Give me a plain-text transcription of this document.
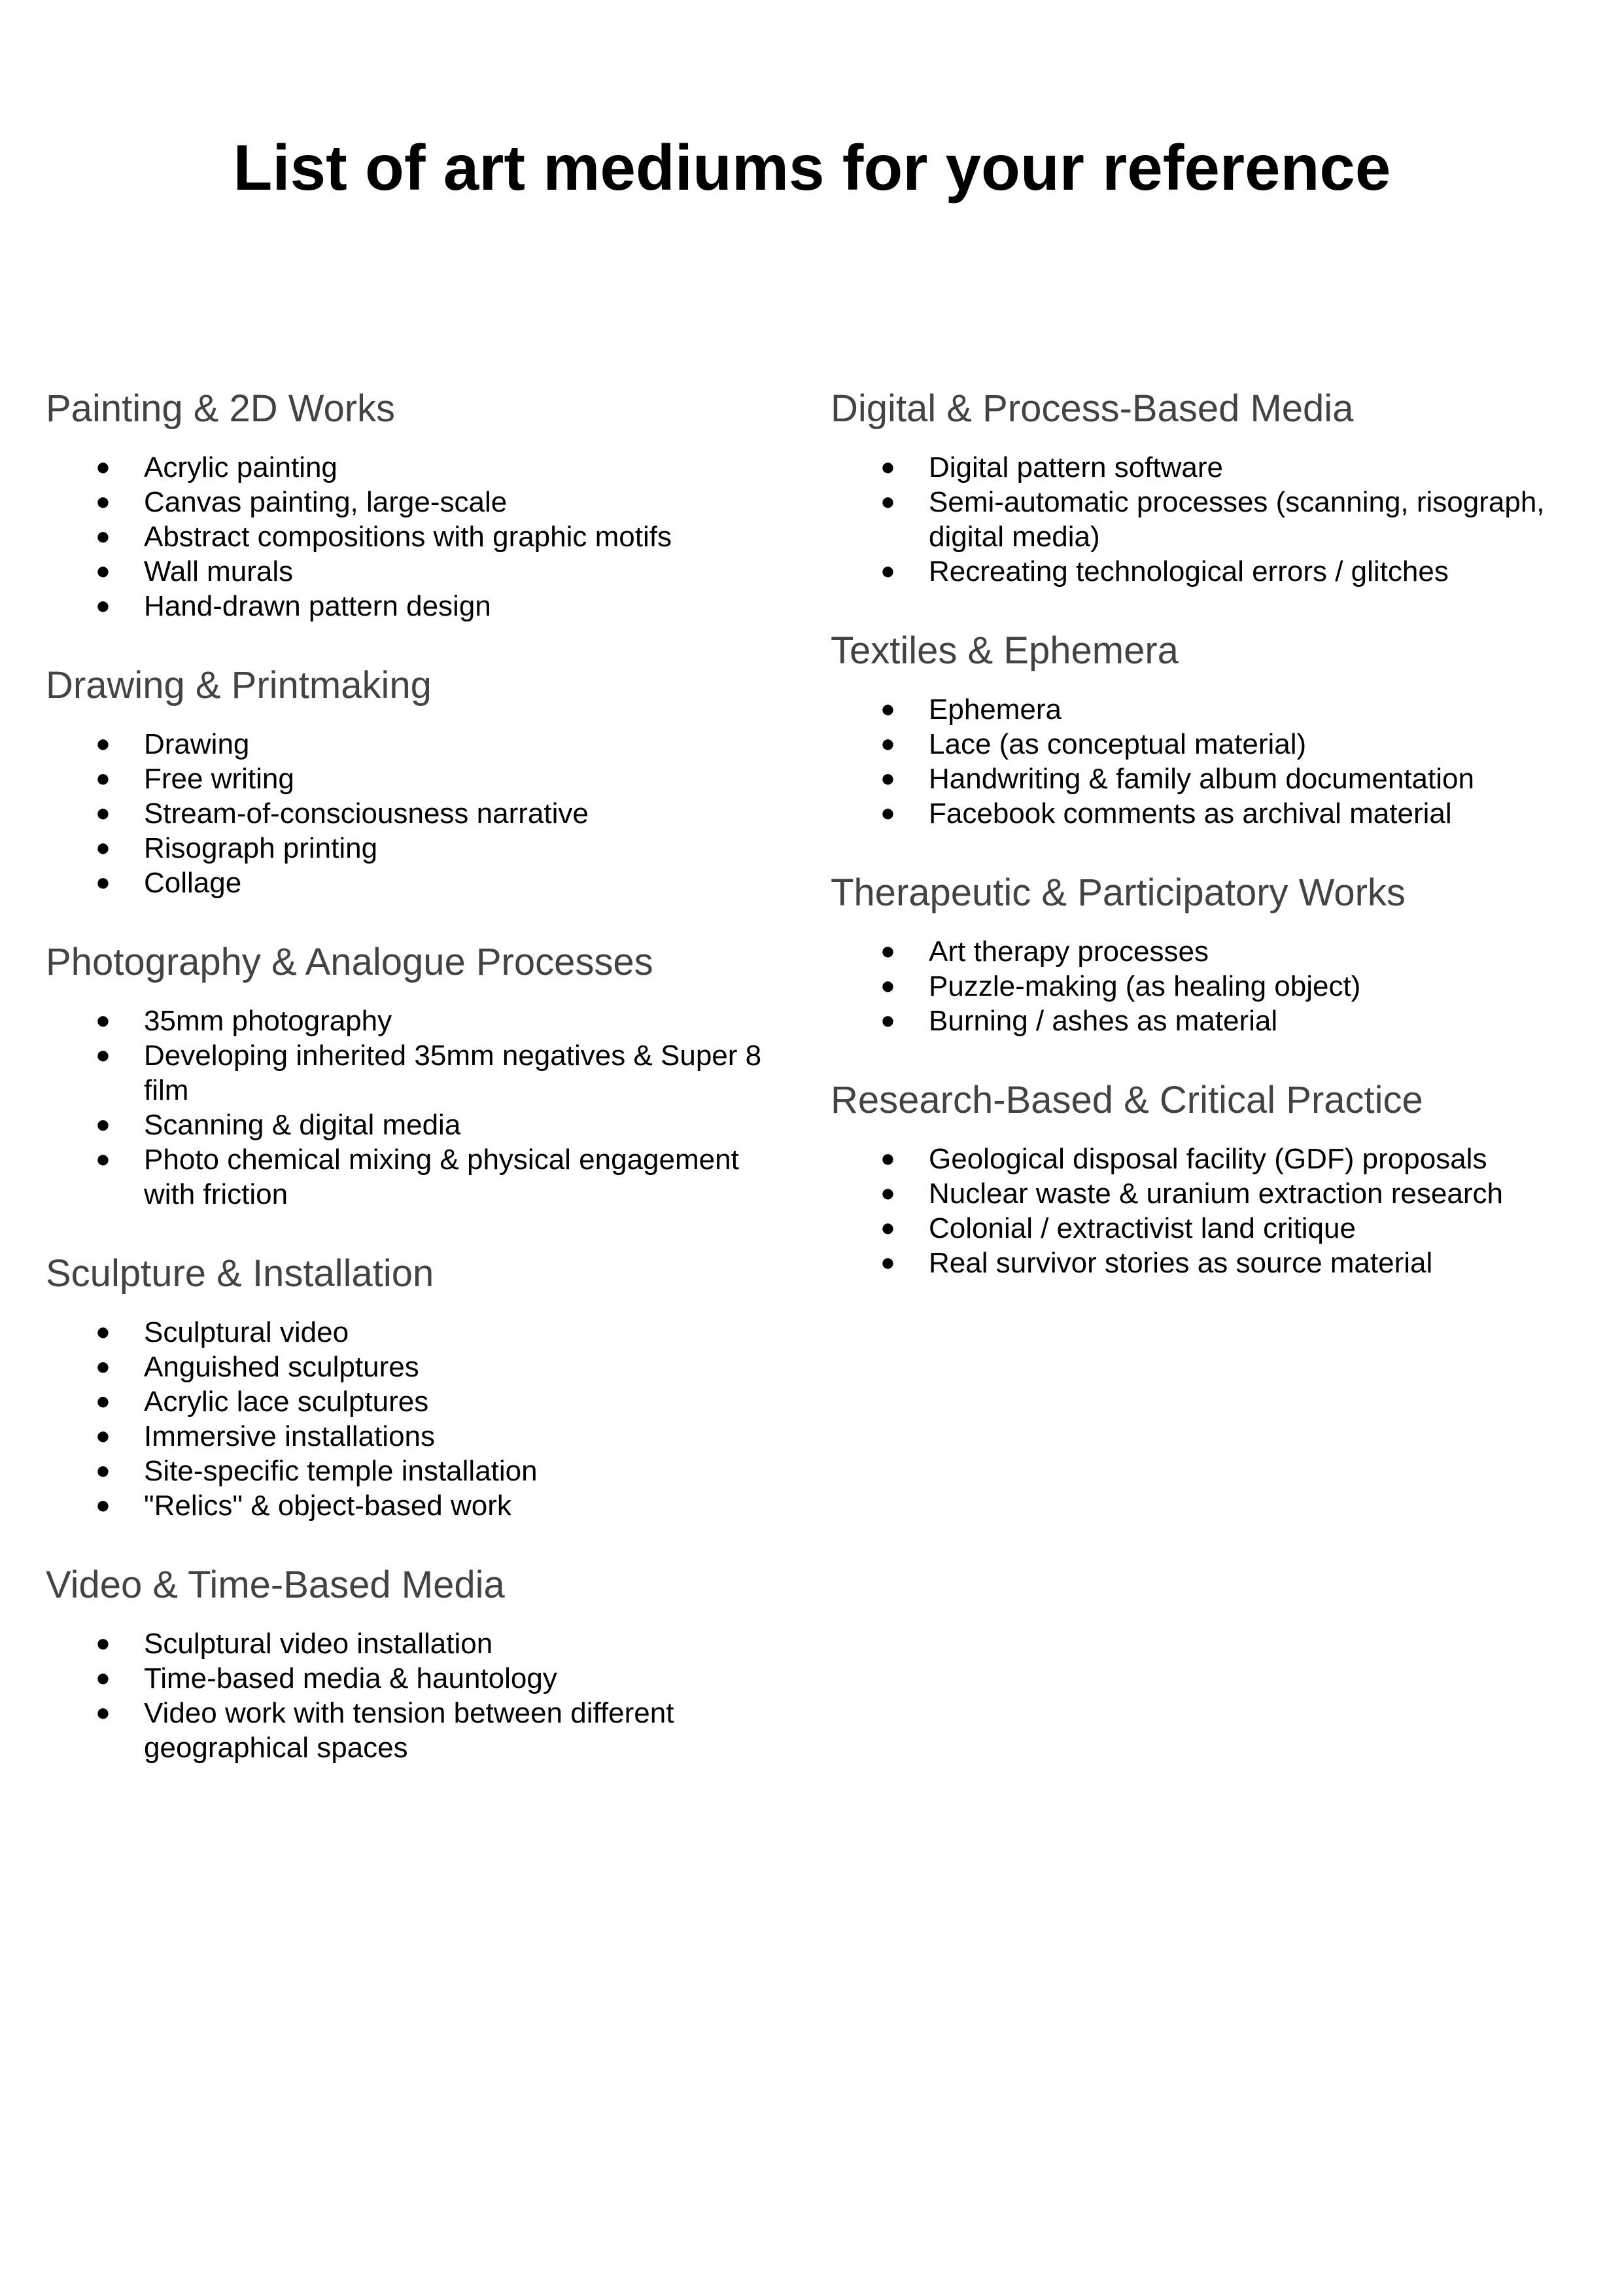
List of art mediums for your reference
Painting & 2D Works
● Acrylic painting
● Canvas painting, large-scale
● Abstract compositions with graphic motifs
● Wall murals
● Hand-drawn pattern design
Drawing & Printmaking
● Drawing
● Free writing
● Stream-of-consciousness narrative
● Risograph printing
● Collage
Photography & Analogue Processes
● 35mm photography
● Developing inherited 35mm negatives & Super 8 film
● Scanning & digital media
● Photo chemical mixing & physical engagement with friction
Sculpture & Installation
● Sculptural video
● Anguished sculptures
● Acrylic lace sculptures
● Immersive installations
● Site-specific temple installation
● "Relics" & object-based work
Video & Time-Based Media
● Sculptural video installation
● Time-based media & hauntology
● Video work with tension between different geographical spaces
Digital & Process-Based Media
● Digital pattern software
● Semi-automatic processes (scanning, risograph, digital media)
● Recreating technological errors / glitches
Textiles & Ephemera
● Ephemera
● Lace (as conceptual material)
● Handwriting & family album documentation
● Facebook comments as archival material
Therapeutic & Participatory Works
● Art therapy processes
● Puzzle-making (as healing object)
● Burning / ashes as material
Research-Based & Critical Practice
● Geological disposal facility (GDF) proposals
● Nuclear waste & uranium extraction research
● Colonial / extractivist land critique
● Real survivor stories as source material
